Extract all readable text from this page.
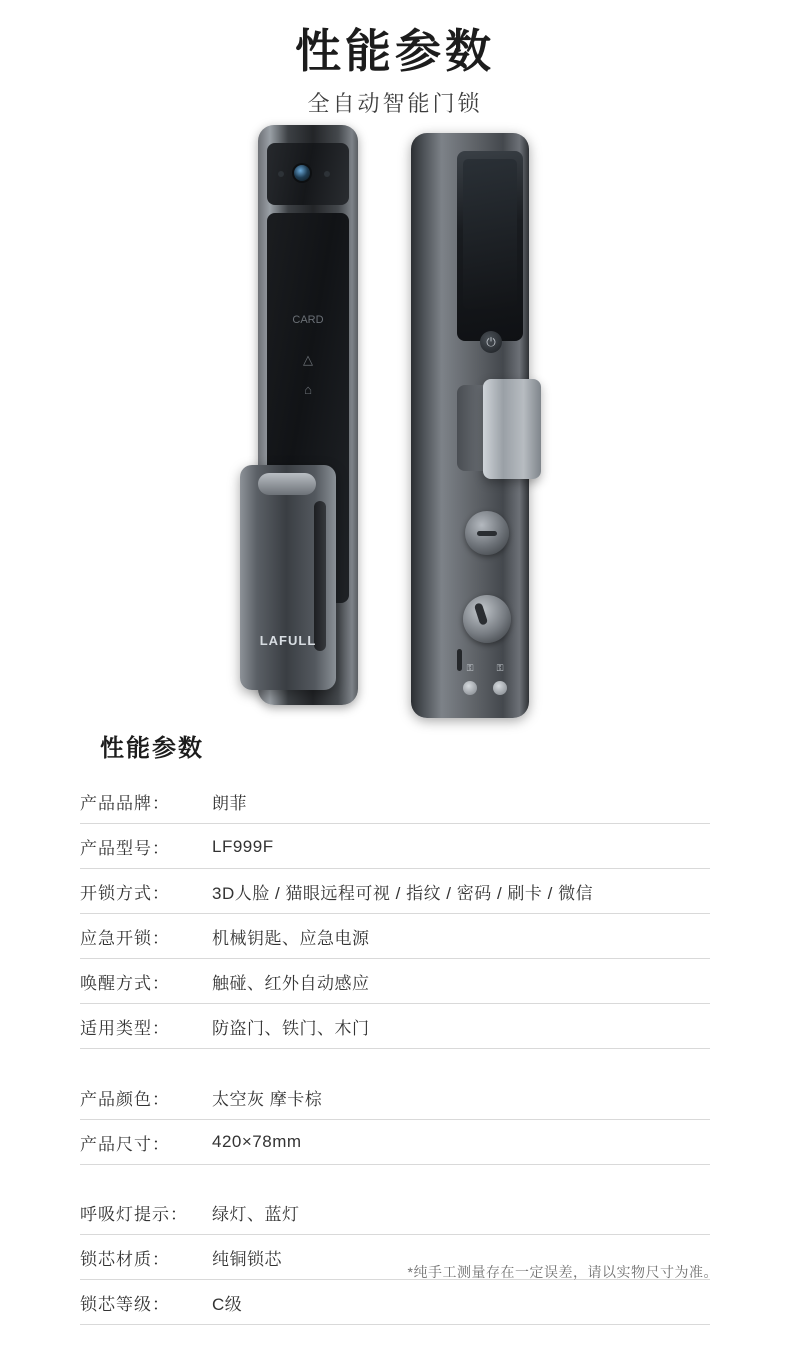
性能参数
全自动智能门锁
CARD
△
⌂
LAFULL
⏻
⚿	⚿
性能参数
产品品牌：	朗菲
产品型号：	LF999F
开锁方式：	3D人脸 / 猫眼远程可视 / 指纹 / 密码 / 刷卡 / 微信
应急开锁：	机械钥匙、应急电源
唤醒方式：	触碰、红外自动感应
适用类型：	防盗门、铁门、木门

产品颜色：	太空灰 摩卡棕
产品尺寸：	420×78mm

呼吸灯提示：	绿灯、蓝灯
锁芯材质：	纯铜锁芯
锁芯等级：	C级
*纯手工测量存在一定误差，请以实物尺寸为准。
